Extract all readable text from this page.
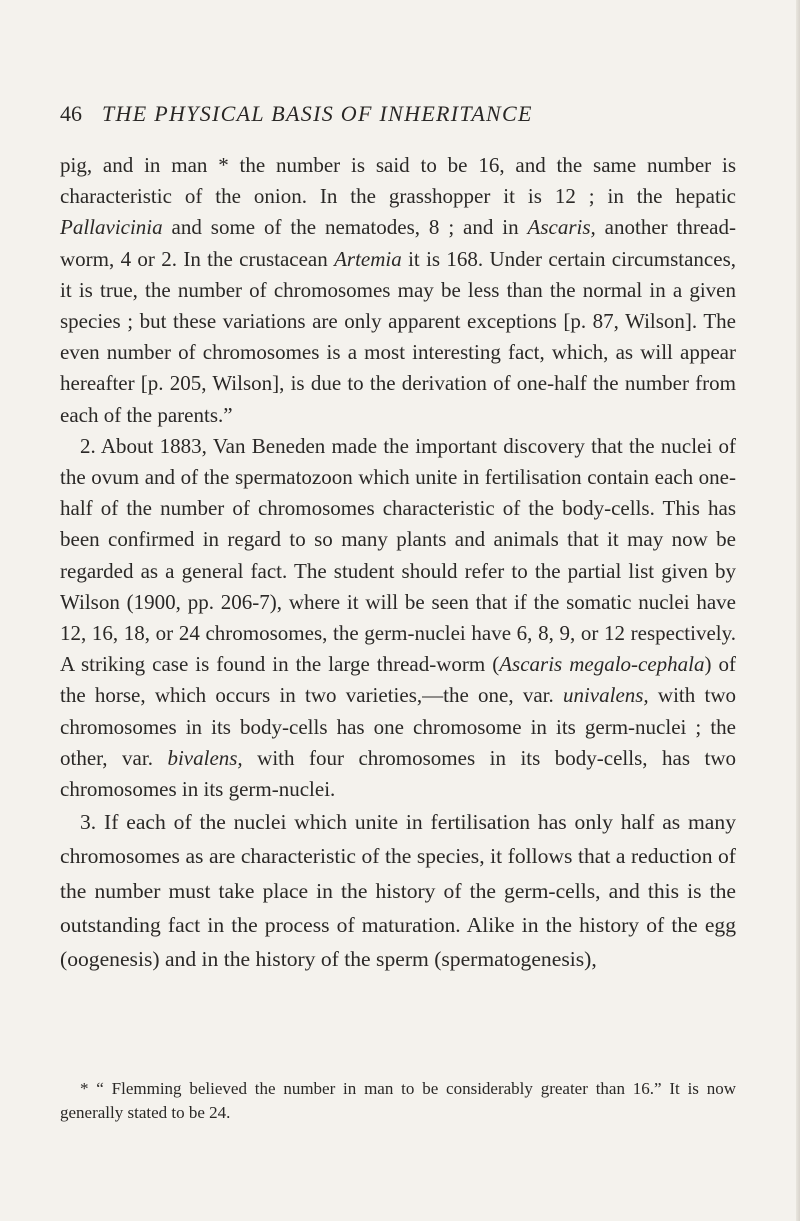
46 THE PHYSICAL BASIS OF INHERITANCE

pig, and in man * the number is said to be 16, and the same number is characteristic of the onion. In the grasshopper it is 12 ; in the hepatic Pallavicinia and some of the nematodes, 8 ; and in Ascaris, another thread-worm, 4 or 2. In the crustacean Artemia it is 168. Under certain circumstances, it is true, the number of chromosomes may be less than the normal in a given species ; but these variations are only apparent exceptions [p. 87, Wilson]. The even number of chromosomes is a most interesting fact, which, as will appear hereafter [p. 205, Wilson], is due to the derivation of one-half the number from each of the parents.”

2. About 1883, Van Beneden made the important discovery that the nuclei of the ovum and of the spermatozoon which unite in fertilisation contain each one-half of the number of chromosomes characteristic of the body-cells. This has been confirmed in regard to so many plants and animals that it may now be regarded as a general fact. The student should refer to the partial list given by Wilson (1900, pp. 206-7), where it will be seen that if the somatic nuclei have 12, 16, 18, or 24 chromosomes, the germ-nuclei have 6, 8, 9, or 12 respectively. A striking case is found in the large thread-worm (Ascaris megalo-cephala) of the horse, which occurs in two varieties,—the one, var. univalens, with two chromosomes in its body-cells has one chromosome in its germ-nuclei ; the other, var. bivalens, with four chromosomes in its body-cells, has two chromosomes in its germ-nuclei.

3. If each of the nuclei which unite in fertilisation has only half as many chromosomes as are characteristic of the species, it follows that a reduction of the number must take place in the history of the germ-cells, and this is the outstanding fact in the process of maturation. Alike in the history of the egg (oogenesis) and in the history of the sperm (spermatogenesis),

* “ Flemming believed the number in man to be considerably greater than 16.” It is now generally stated to be 24.
